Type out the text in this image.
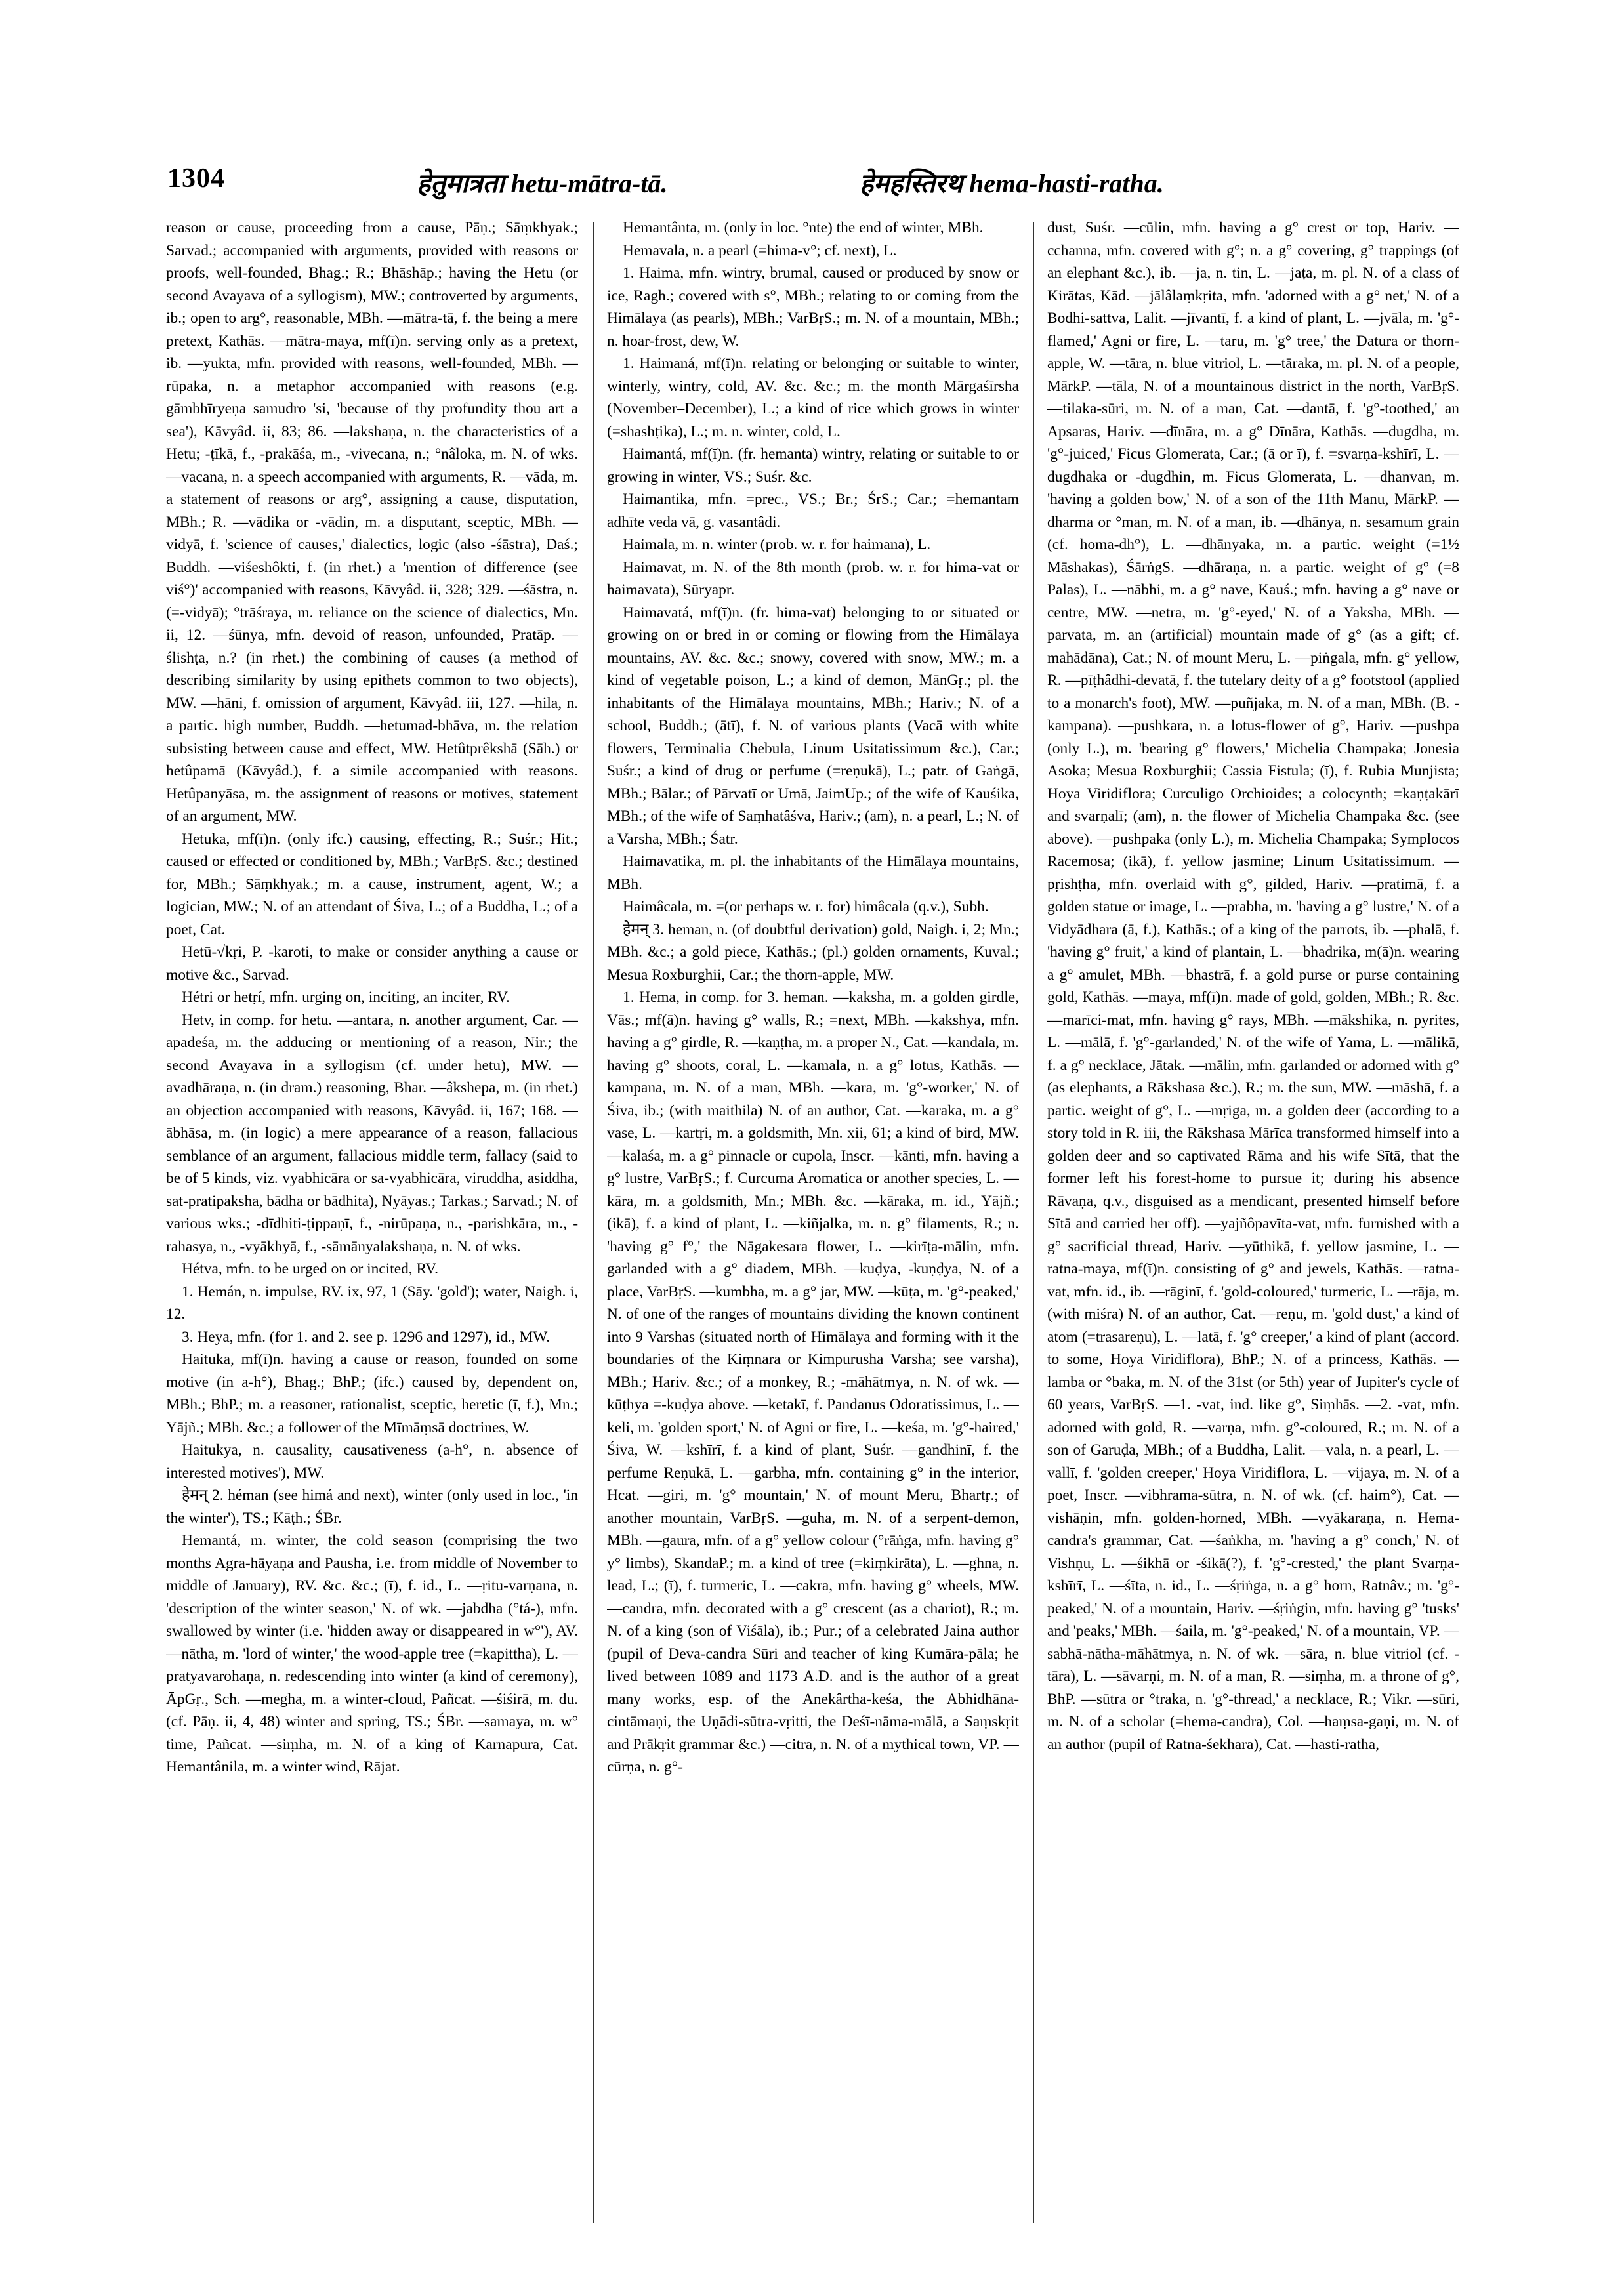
1304	हेतुमात्रता hetu-mātra-tā.	हेमहस्तिरथ hema-hasti-ratha.

reason or cause, proceeding from a cause, Pāṇ.; Sāṃkhyak.; Sarvad.; accompanied with arguments, provided with reasons or proofs, well-founded, Bhag.; R.; Bhāshāp.; having the Hetu (or second Avayava of a syllogism), MW.; controverted by arguments, ib.; open to arg°, reasonable, MBh. —mātra-tā, f. the being a mere pretext, Kathās. —mātra-maya, mf(ī)n. serving only as a pretext, ib. —yukta, mfn. provided with reasons, well-founded, MBh. —rūpaka, n. a metaphor accompanied with reasons (e.g. gāmbhīryeṇa samudro 'si, 'because of thy profundity thou art a sea'), Kāvyâd. ii, 83; 86. —lakshaṇa, n. the characteristics of a Hetu; -ṭīkā, f., -prakāśa, m., -vivecana, n.; °nâloka, m. N. of wks. —vacana, n. a speech accompanied with arguments, R. —vāda, m. a statement of reasons or arg°, assigning a cause, disputation, MBh.; R. —vādika or -vādin, m. a disputant, sceptic, MBh. —vidyā, f. 'science of causes,' dialectics, logic (also -śāstra), Daś.; Buddh. —viśeshôkti, f. (in rhet.) a 'mention of difference (see viś°)' accompanied with reasons, Kāvyâd. ii, 328; 329. —śāstra, n. (=-vidyā); °trāśraya, m. reliance on the science of dialectics, Mn. ii, 12. —śūnya, mfn. devoid of reason, unfounded, Pratāp. —ślishṭa, n.? (in rhet.) the combining of causes (a method of describing similarity by using epithets common to two objects), MW. —hāni, f. omission of argument, Kāvyâd. iii, 127. —hila, n. a partic. high number, Buddh. —hetumad-bhāva, m. the relation subsisting between cause and effect, MW. Hetûtprêkshā (Sāh.) or hetûpamā (Kāvyâd.), f. a simile accompanied with reasons. Hetûpanyāsa, m. the assignment of reasons or motives, statement of an argument, MW.

Hetuka, mf(ī)n. (only ifc.) causing, effecting, R.; Suśr.; Hit.; caused or effected or conditioned by, MBh.; VarBṛS. &c.; destined for, MBh.; Sāṃkhyak.; m. a cause, instrument, agent, W.; a logician, MW.; N. of an attendant of Śiva, L.; of a Buddha, L.; of a poet, Cat.

Hetū-√kṛi, P. -karoti, to make or consider anything a cause or motive &c., Sarvad.

Hétri or hetṛí, mfn. urging on, inciting, an inciter, RV.

Hetv, in comp. for hetu. —antara, n. another argument, Car. —apadeśa, m. the adducing or mentioning of a reason, Nir.; the second Avayava in a syllogism (cf. under hetu), MW. —avadhāraṇa, n. (in dram.) reasoning, Bhar. —âkshepa, m. (in rhet.) an objection accompanied with reasons, Kāvyâd. ii, 167; 168. —ābhāsa, m. (in logic) a mere appearance of a reason, fallacious semblance of an argument, fallacious middle term, fallacy (said to be of 5 kinds, viz. vyabhicāra or sa-vyabhicāra, viruddha, asiddha, sat-pratipaksha, bādha or bādhita), Nyāyas.; Tarkas.; Sarvad.; N. of various wks.; -dīdhiti-ṭippaṇī, f., -nirūpaṇa, n., -parishkāra, m., -rahasya, n., -vyākhyā, f., -sāmānyalakshaṇa, n. N. of wks.

Hétva, mfn. to be urged on or incited, RV.

1. Hemán, n. impulse, RV. ix, 97, 1 (Sāy. 'gold'); water, Naigh. i, 12.

3. Heya, mfn. (for 1. and 2. see p. 1296 and 1297), id., MW.

Haituka, mf(ī)n. having a cause or reason, founded on some motive (in a-h°), Bhag.; BhP.; (ifc.) caused by, dependent on, MBh.; BhP.; m. a reasoner, rationalist, sceptic, heretic (ī, f.), Mn.; Yājñ.; MBh. &c.; a follower of the Mīmāṃsā doctrines, W.

Haitukya, n. causality, causativeness (a-h°, n. absence of interested motives'), MW.

हेमन् 2. héman (see himá and next), winter (only used in loc., 'in the winter'), TS.; Kāṭh.; ŚBr.

Hemantá, m. winter, the cold season (comprising the two months Agra-hāyaṇa and Pausha, i.e. from middle of November to middle of January), RV. &c. &c.; (ī), f. id., L. —ṛitu-varṇana, n. 'description of the winter season,' N. of wk. —jabdha (°tá-), mfn. swallowed by winter (i.e. 'hidden away or disappeared in w°'), AV. —nātha, m. 'lord of winter,' the wood-apple tree (=kapittha), L. —pratyavarohaṇa, n. redescending into winter (a kind of ceremony), ĀpGṛ., Sch. —megha, m. a winter-cloud, Pañcat. —śiśirā, m. du. (cf. Pāṇ. ii, 4, 48) winter and spring, TS.; ŚBr. —samaya, m. w° time, Pañcat. —siṃha, m. N. of a king of Karnapura, Cat. Hemantânila, m. a winter wind, Rājat.

Hemantânta, m. (only in loc. °nte) the end of winter, MBh.

Hemavala, n. a pearl (=hima-v°; cf. next), L.

1. Haima, mfn. wintry, brumal, caused or produced by snow or ice, Ragh.; covered with s°, MBh.; relating to or coming from the Himālaya (as pearls), MBh.; VarBṛS.; m. N. of a mountain, MBh.; n. hoar-frost, dew, W.

1. Haimaná, mf(ī)n. relating or belonging or suitable to winter, winterly, wintry, cold, AV. &c. &c.; m. the month Mārgaśīrsha (November–December), L.; a kind of rice which grows in winter (=shashṭika), L.; m. n. winter, cold, L.

Haimantá, mf(ī)n. (fr. hemanta) wintry, relating or suitable to or growing in winter, VS.; Suśr. &c.

Haimantika, mfn. =prec., VS.; Br.; ŚrS.; Car.; =hemantam adhīte veda vā, g. vasantâdi.

Haimala, m. n. winter (prob. w. r. for haimana), L.

Haimavat, m. N. of the 8th month (prob. w. r. for hima-vat or haimavata), Sūryapr.

Haimavatá, mf(ī)n. (fr. hima-vat) belonging to or situated or growing on or bred in or coming or flowing from the Himālaya mountains, AV. &c. &c.; snowy, covered with snow, MW.; m. a kind of vegetable poison, L.; a kind of demon, MānGṛ.; pl. the inhabitants of the Himālaya mountains, MBh.; Hariv.; N. of a school, Buddh.; (ātī), f. N. of various plants (Vacā with white flowers, Terminalia Chebula, Linum Usitatissimum &c.), Car.; Suśr.; a kind of drug or perfume (=reṇukā), L.; patr. of Gaṅgā, MBh.; Bālar.; of Pārvatī or Umā, JaimUp.; of the wife of Kauśika, MBh.; of the wife of Saṃhatâśva, Hariv.; (am), n. a pearl, L.; N. of a Varsha, MBh.; Śatr.

Haimavatika, m. pl. the inhabitants of the Himālaya mountains, MBh.

Haimâcala, m. =(or perhaps w. r. for) himâcala (q.v.), Subh.

हेमन् 3. heman, n. (of doubtful derivation) gold, Naigh. i, 2; Mn.; MBh. &c.; a gold piece, Kathās.; (pl.) golden ornaments, Kuval.; Mesua Roxburghii, Car.; the thorn-apple, MW.

1. Hema, in comp. for 3. heman. —kaksha, m. a golden girdle, Vās.; mf(ā)n. having g° walls, R.; =next, MBh. —kakshya, mfn. having a g° girdle, R. —kaṇṭha, m. a proper N., Cat. —kandala, m. having g° shoots, coral, L. —kamala, n. a g° lotus, Kathās. —kampana, m. N. of a man, MBh. —kara, m. 'g°-worker,' N. of Śiva, ib.; (with maithila) N. of an author, Cat. —karaka, m. a g° vase, L. —kartṛi, m. a goldsmith, Mn. xii, 61; a kind of bird, MW. —kalaśa, m. a g° pinnacle or cupola, Inscr. —kānti, mfn. having a g° lustre, VarBṛS.; f. Curcuma Aromatica or another species, L. —kāra, m. a goldsmith, Mn.; MBh. &c. —kāraka, m. id., Yājñ.; (ikā), f. a kind of plant, L. —kiñjalka, m. n. g° filaments, R.; n. 'having g° f°,' the Nāgakesara flower, L. —kirīṭa-mālin, mfn. garlanded with a g° diadem, MBh. —kuḍya, -kuṇḍya, N. of a place, VarBṛS. —kumbha, m. a g° jar, MW. —kūṭa, m. 'g°-peaked,' N. of one of the ranges of mountains dividing the known continent into 9 Varshas (situated north of Himālaya and forming with it the boundaries of the Kiṃnara or Kimpurusha Varsha; see varsha), MBh.; Hariv. &c.; of a monkey, R.; -māhātmya, n. N. of wk. —kūṭhya =-kuḍya above. —ketakī, f. Pandanus Odoratissimus, L. —keli, m. 'golden sport,' N. of Agni or fire, L. —keśa, m. 'g°-haired,' Śiva, W. —kshīrī, f. a kind of plant, Suśr. —gandhinī, f. the perfume Reṇukā, L. —garbha, mfn. containing g° in the interior, Hcat. —giri, m. 'g° mountain,' N. of mount Meru, Bhartṛ.; of another mountain, VarBṛS. —guha, m. N. of a serpent-demon, MBh. —gaura, mfn. of a g° yellow colour (°rāṅga, mfn. having g° y° limbs), SkandaP.; m. a kind of tree (=kiṃkirāta), L. —ghna, n. lead, L.; (ī), f. turmeric, L. —cakra, mfn. having g° wheels, MW. —candra, mfn. decorated with a g° crescent (as a chariot), R.; m. N. of a king (son of Viśāla), ib.; Pur.; of a celebrated Jaina author (pupil of Deva-candra Sūri and teacher of king Kumāra-pāla; he lived between 1089 and 1173 A.D. and is the author of a great many works, esp. of the Anekârtha-keśa, the Abhidhāna-cintāmaṇi, the Uṇādi-sūtra-vṛitti, the Deśī-nāma-mālā, a Saṃskṛit and Prākṛit grammar &c.) —citra, n. N. of a mythical town, VP. —cūrṇa, n. g°-

dust, Suśr. —cūlin, mfn. having a g° crest or top, Hariv. —cchanna, mfn. covered with g°; n. a g° covering, g° trappings (of an elephant &c.), ib. —ja, n. tin, L. —jaṭa, m. pl. N. of a class of Kirātas, Kād. —jālâlaṃkṛita, mfn. 'adorned with a g° net,' N. of a Bodhi-sattva, Lalit. —jīvantī, f. a kind of plant, L. —jvāla, m. 'g°-flamed,' Agni or fire, L. —taru, m. 'g° tree,' the Datura or thorn-apple, W. —tāra, n. blue vitriol, L. —tāraka, m. pl. N. of a people, MārkP. —tāla, N. of a mountainous district in the north, VarBṛS. —tilaka-sūri, m. N. of a man, Cat. —dantā, f. 'g°-toothed,' an Apsaras, Hariv. —dīnāra, m. a g° Dīnāra, Kathās. —dugdha, m. 'g°-juiced,' Ficus Glomerata, Car.; (ā or ī), f. =svarṇa-kshīrī, L. —dugdhaka or -dugdhin, m. Ficus Glomerata, L. —dhanvan, m. 'having a golden bow,' N. of a son of the 11th Manu, MārkP. —dharma or °man, m. N. of a man, ib. —dhānya, n. sesamum grain (cf. homa-dh°), L. —dhānyaka, m. a partic. weight (=1½ Māshakas), ŚārṅgS. —dhāraṇa, n. a partic. weight of g° (=8 Palas), L. —nābhi, m. a g° nave, Kauś.; mfn. having a g° nave or centre, MW. —netra, m. 'g°-eyed,' N. of a Yaksha, MBh. —parvata, m. an (artificial) mountain made of g° (as a gift; cf. mahādāna), Cat.; N. of mount Meru, L. —piṅgala, mfn. g° yellow, R. —pīṭhâdhi-devatā, f. the tutelary deity of a g° footstool (applied to a monarch's foot), MW. —puñjaka, m. N. of a man, MBh. (B. -kampana). —pushkara, n. a lotus-flower of g°, Hariv. —pushpa (only L.), m. 'bearing g° flowers,' Michelia Champaka; Jonesia Asoka; Mesua Roxburghii; Cassia Fistula; (ī), f. Rubia Munjista; Hoya Viridiflora; Curculigo Orchioides; a colocynth; =kaṇṭakārī and svarṇalī; (am), n. the flower of Michelia Champaka &c. (see above). —pushpaka (only L.), m. Michelia Champaka; Symplocos Racemosa; (ikā), f. yellow jasmine; Linum Usitatissimum. —pṛishṭha, mfn. overlaid with g°, gilded, Hariv. —pratimā, f. a golden statue or image, L. —prabha, m. 'having a g° lustre,' N. of a Vidyādhara (ā, f.), Kathās.; of a king of the parrots, ib. —phalā, f. 'having g° fruit,' a kind of plantain, L. —bhadrika, m(ā)n. wearing a g° amulet, MBh. —bhastrā, f. a gold purse or purse containing gold, Kathās. —maya, mf(ī)n. made of gold, golden, MBh.; R. &c. —marīci-mat, mfn. having g° rays, MBh. —mākshika, n. pyrites, L. —mālā, f. 'g°-garlanded,' N. of the wife of Yama, L. —mālikā, f. a g° necklace, Jātak. —mālin, mfn. garlanded or adorned with g° (as elephants, a Rākshasa &c.), R.; m. the sun, MW. —māshā, f. a partic. weight of g°, L. —mṛiga, m. a golden deer (according to a story told in R. iii, the Rākshasa Mārīca transformed himself into a golden deer and so captivated Rāma and his wife Sītā, that the former left his forest-home to pursue it; during his absence Rāvaṇa, q.v., disguised as a mendicant, presented himself before Sītā and carried her off). —yajñôpavīta-vat, mfn. furnished with a g° sacrificial thread, Hariv. —yūthikā, f. yellow jasmine, L. —ratna-maya, mf(ī)n. consisting of g° and jewels, Kathās. —ratna-vat, mfn. id., ib. —rāginī, f. 'gold-coloured,' turmeric, L. —rāja, m. (with miśra) N. of an author, Cat. —reṇu, m. 'gold dust,' a kind of atom (=trasareṇu), L. —latā, f. 'g° creeper,' a kind of plant (accord. to some, Hoya Viridiflora), BhP.; N. of a princess, Kathās. —lamba or °baka, m. N. of the 31st (or 5th) year of Jupiter's cycle of 60 years, VarBṛS. —1. -vat, ind. like g°, Siṃhās. —2. -vat, mfn. adorned with gold, R. —varṇa, mfn. g°-coloured, R.; m. N. of a son of Garuḍa, MBh.; of a Buddha, Lalit. —vala, n. a pearl, L. —vallī, f. 'golden creeper,' Hoya Viridiflora, L. —vijaya, m. N. of a poet, Inscr. —vibhrama-sūtra, n. N. of wk. (cf. haim°), Cat. —vishāṇin, mfn. golden-horned, MBh. —vyākaraṇa, n. Hema-candra's grammar, Cat. —śaṅkha, m. 'having a g° conch,' N. of Vishṇu, L. —śikhā or -śikā(?), f. 'g°-crested,' the plant Svarṇa-kshīrī, L. —śīta, n. id., L. —śṛiṅga, n. a g° horn, Ratnâv.; m. 'g°-peaked,' N. of a mountain, Hariv. —śṛiṅgin, mfn. having g° 'tusks' and 'peaks,' MBh. —śaila, m. 'g°-peaked,' N. of a mountain, VP. —sabhā-nātha-māhātmya, n. N. of wk. —sāra, n. blue vitriol (cf. -tāra), L. —sāvarṇi, m. N. of a man, R. —siṃha, m. a throne of g°, BhP. —sūtra or °traka, n. 'g°-thread,' a necklace, R.; Vikr. —sūri, m. N. of a scholar (=hema-candra), Col. —haṃsa-gaṇi, m. N. of an author (pupil of Ratna-śekhara), Cat. —hasti-ratha,
